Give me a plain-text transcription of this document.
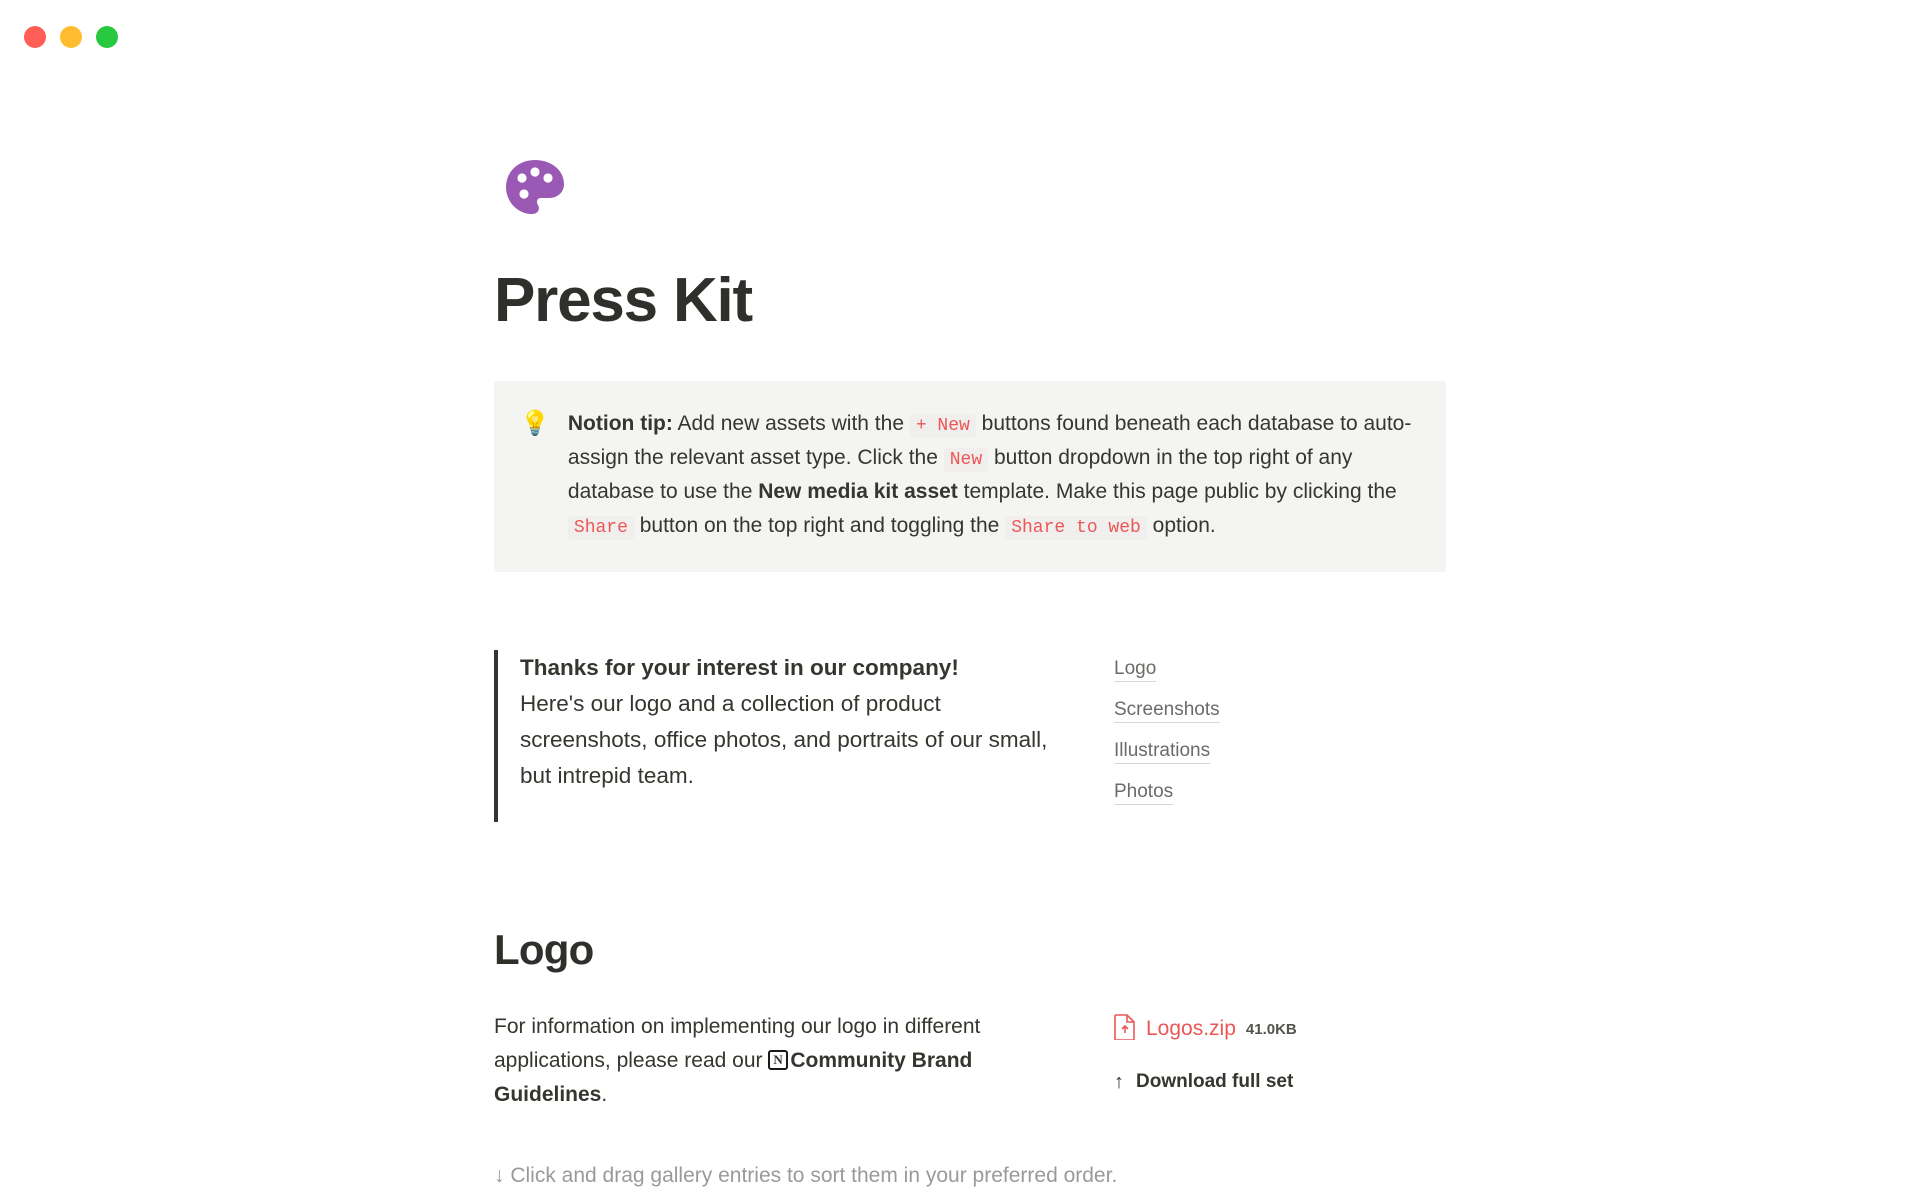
Press Kit
💡 Notion tip: Add new assets with the + New buttons found beneath each database to auto-assign the relevant asset type. Click the New button dropdown in the top right of any database to use the New media kit asset template. Make this page public by clicking the Share button on the top right and toggling the Share to web option.

Thanks for your interest in our company!

Here's our logo and a collection of product screenshots, office photos, and portraits of our small, but intrepid team.

Logo
Screenshots
Illustrations
Photos
Logo
For information on implementing our logo in different applications, please read our NCommunity Brand Guidelines.
Logos.zip 41.0KB
↑ Download full set
↓ Click and drag gallery entries to sort them in your preferred order.
